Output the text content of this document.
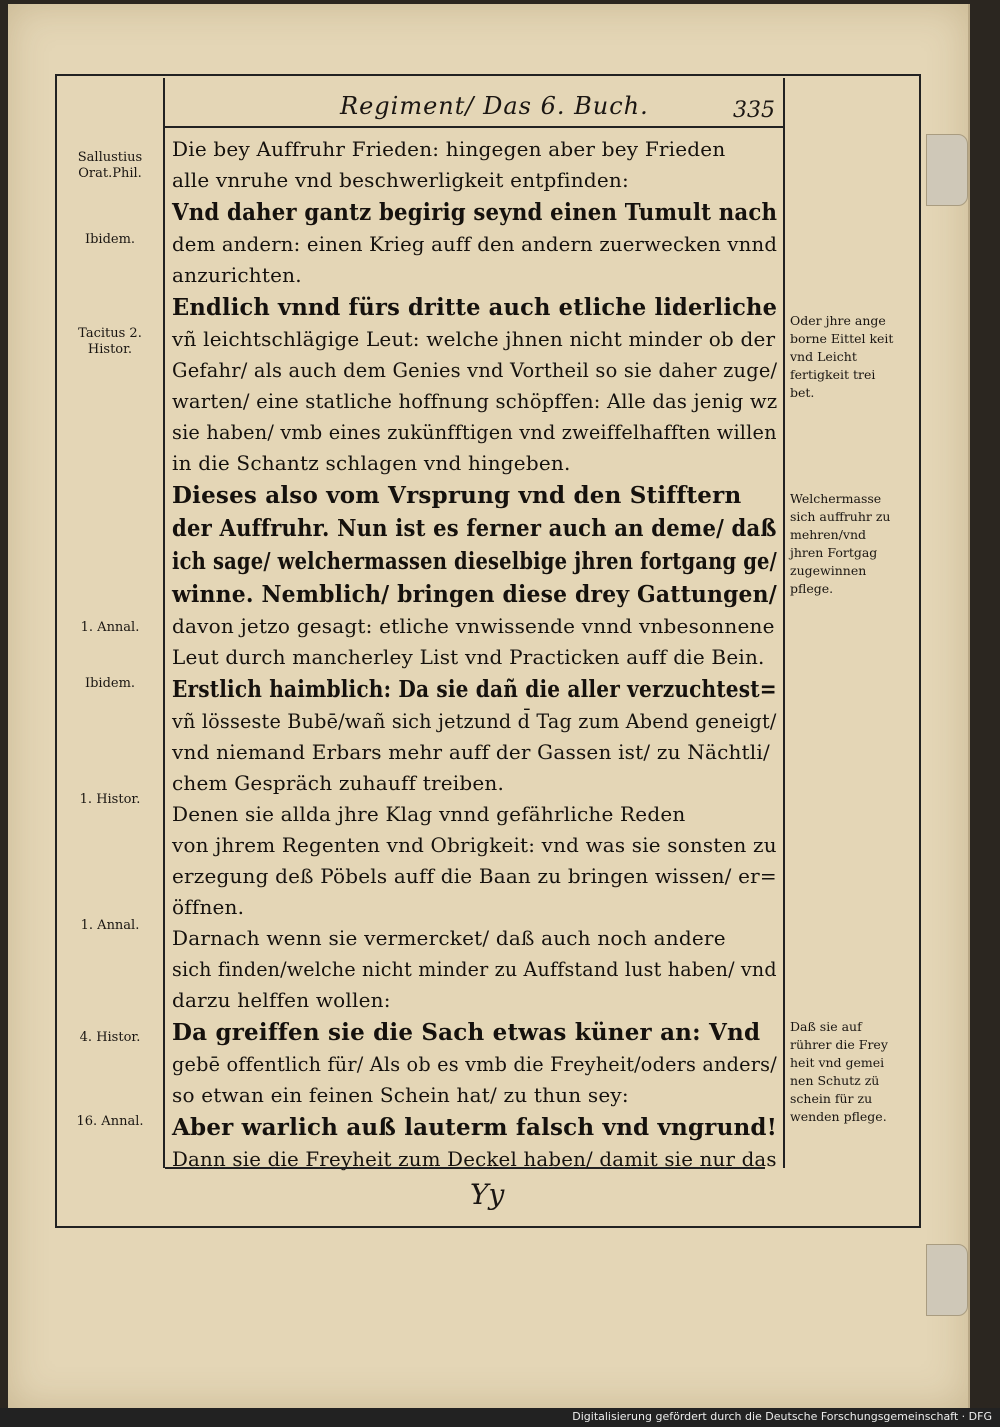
Regiment/ Das 6. Buch.	335
Sallustius Orat.Phil.
Ibidem.
Tacitus 2. Histor.
1. Annal.
Ibidem.
1. Histor.
1. Annal.
4. Histor.
16. Annal.
Oder jhre ange borne Eittel keit vnd Leicht fertigkeit trei bet.
Welchermasse sich auffruhr zu mehren/vnd jhren Fortgag zugewinnen pflege.
Daß sie auf rührer die Frey heit vnd gemei nen Schutz zü schein für zu wenden pflege.
Die bey Auffruhr Frieden: hingegen aber bey Frieden
alle vnruhe vnd beschwerligkeit entpfinden:
Vnd daher gantz begirig seynd einen Tumult nach
dem andern: einen Krieg auff den andern zuerwecken vnnd
anzurichten.
Endlich vnnd fürs dritte auch etliche liderliche
vñ leichtschlägige Leut: welche jhnen nicht minder ob der
Gefahr/ als auch dem Genies vnd Vortheil so sie daher zuge/
warten/ eine statliche hoffnung schöpffen: Alle das jenig wz
sie haben/ vmb eines zukünfftigen vnd zweiffelhafften willen
in die Schantz schlagen vnd hingeben.
Dieses also vom Vrsprung vnd den Stifftern
der Auffruhr. Nun ist es ferner auch an deme/ daß
ich sage/ welchermassen dieselbige jhren fortgang ge/
winne. Nemblich/ bringen diese drey Gattungen/
davon jetzo gesagt: etliche vnwissende vnnd vnbesonnene
Leut durch mancherley List vnd Practicken auff die Bein.
Erstlich haimblich: Da sie dañ die aller verzuchtest=
vñ lösseste Bubē/wañ sich jetzund d̄ Tag zum Abend geneigt/
vnd niemand Erbars mehr auff der Gassen ist/ zu Nächtli/
chem Gespräch zuhauff treiben.
Denen sie allda jhre Klag vnnd gefährliche Reden
von jhrem Regenten vnd Obrigkeit: vnd was sie sonsten zu
erzegung deß Pöbels auff die Baan zu bringen wissen/ er=
öffnen.
Darnach wenn sie vermercket/ daß auch noch andere
sich finden/welche nicht minder zu Auffstand lust haben/ vnd
darzu helffen wollen:
Da greiffen sie die Sach etwas küner an: Vnd
gebē offentlich für/ Als ob es vmb die Freyheit/oders anders/
so etwan ein feinen Schein hat/ zu thun sey:
Aber warlich auß lauterm falsch vnd vngrund!
Dann sie die Freyheit zum Deckel haben/ damit sie nur das
Yy
Digitalisierung gefördert durch die Deutsche Forschungsgemeinschaft · DFG
